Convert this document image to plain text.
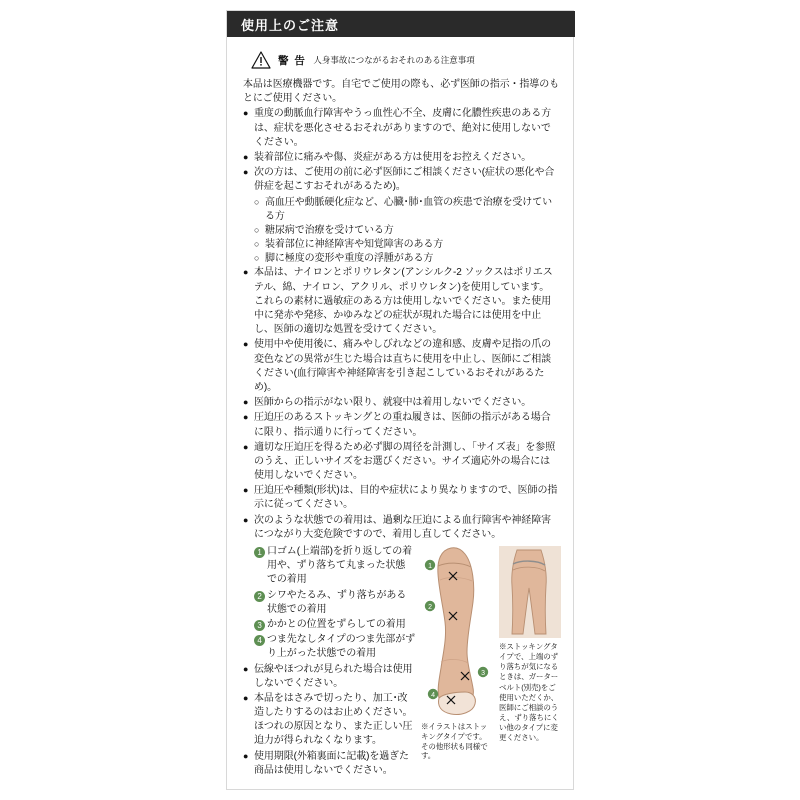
使用上のご注意
警 告 人身事故につながるおそれのある注意事項

本品は医療機器です。自宅でご使用の際も、必ず医師の指示・指導のもとにご使用ください。

● 重度の動脈血行障害やうっ血性心不全、皮膚に化膿性疾患のある方は、症状を悪化させるおそれがありますので、絶対に使用しないでください。

● 装着部位に痛みや傷、炎症がある方は使用をお控えください。

● 次の方は、ご使用の前に必ず医師にご相談ください(症状の悪化や合併症を起こすおそれがあるため)。

○ 高血圧や動脈硬化症など、心臓･肺･血管の疾患で治療を受けている方

○ 糖尿病で治療を受けている方

○ 装着部位に神経障害や知覚障害のある方

○ 脚に極度の変形や重度の浮腫がある方

● 本品は、ナイロンとポリウレタン(アンシルク-2 ソックスはポリエステル、綿、ナイロン、アクリル、ポリウレタン)を使用しています。これらの素材に過敏症のある方は使用しないでください。また使用中に発赤や発疹、かゆみなどの症状が現れた場合には使用を中止し、医師の適切な処置を受けてください。

● 使用中や使用後に、痛みやしびれなどの違和感、皮膚や足指の爪の変色などの異常が生じた場合は直ちに使用を中止し、医師にご相談ください(血行障害や神経障害を引き起こしているおそれがあるため)。

● 医師からの指示がない限り、就寝中は着用しないでください。

● 圧迫圧のあるストッキングとの重ね履きは、医師の指示がある場合に限り、指示通りに行ってください。

● 適切な圧迫圧を得るため必ず脚の周径を計測し、「サイズ表」を参照のうえ、正しいサイズをお選びください。サイズ適応外の場合には使用しないでください。

● 圧迫圧や種類(形状)は、目的や症状により異なりますので、医師の指示に従ってください。

● 次のような状態での着用は、過剰な圧迫による血行障害や神経障害につながり大変危険ですので、着用し直してください。

1 口ゴム(上端部)を折り返しての着用や、ずり落ちて丸まった状態での着用

2 シワやたるみ、ずり落ちがある状態での着用

3 かかとの位置をずらしての着用

4 つま先なしタイプのつま先部がずり上がった状態での着用

● 伝線やほつれが見られた場合は使用しないでください。

● 本品をはさみで切ったり、加工･改造したりするのはお止めください。ほつれの原因となり、また正しい圧迫力が得られなくなります。

● 使用期限(外箱裏面に記載)を過ぎた商品は使用しないでください。

1
2
3
4
※イラストはストッキングタイプです。その他形状も同様です。
※ストッキングタイプで、上端のずり落ちが気になるときは、ガーターベルト(別売)をご使用いただくか、医師にご相談のうえ、ずり落ちにくい他のタイプに変更ください。
